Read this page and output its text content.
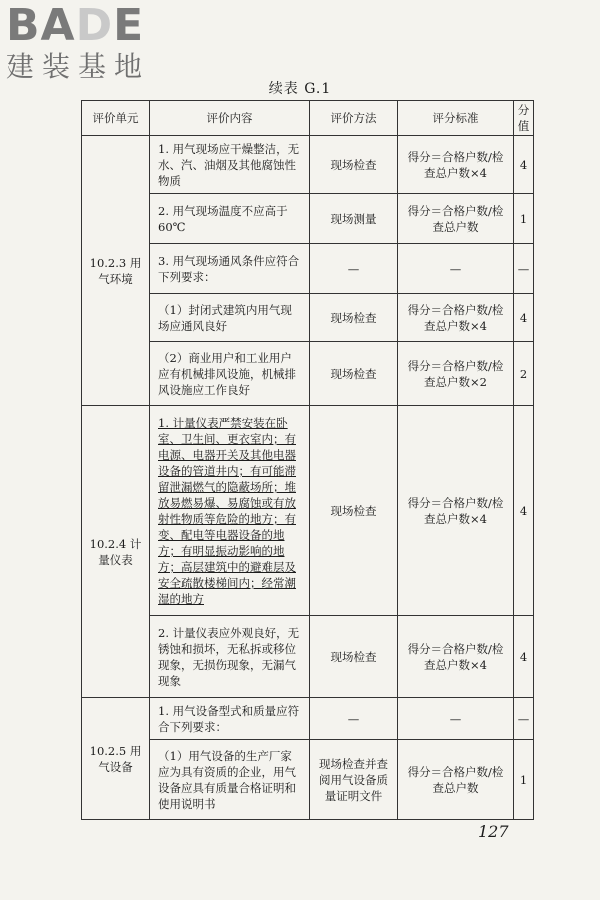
BADE
建装基地
续表 G.1
评价单元	评价内容	评价方法	评分标准	分值
10.2.3 用气环境	1. 用气现场应干燥整洁，无水、汽、油烟及其他腐蚀性物质	现场检查	得分＝合格户数/检查总户数×4	4
	2. 用气现场温度不应高于 60℃	现场测量	得分＝合格户数/检查总户数	1
	3. 用气现场通风条件应符合下列要求：	—	—	—
	（1）封闭式建筑内用气现场应通风良好	现场检查	得分＝合格户数/检查总户数×4	4
	（2）商业用户和工业用户应有机械排风设施，机械排风设施应工作良好	现场检查	得分＝合格户数/检查总户数×2	2
10.2.4 计量仪表	1. 计量仪表严禁安装在卧室、卫生间、更衣室内；有电源、电器开关及其他电器设备的管道井内；有可能滞留泄漏燃气的隐蔽场所；堆放易燃易爆、易腐蚀或有放射性物质等危险的地方；有变、配电等电器设备的地方；有明显振动影响的地方；高层建筑中的避难层及安全疏散楼梯间内；经常潮湿的地方	现场检查	得分＝合格户数/检查总户数×4	4
	2. 计量仪表应外观良好，无锈蚀和损坏，无私拆或移位现象，无损伤现象，无漏气现象	现场检查	得分＝合格户数/检查总户数×4	4
10.2.5 用气设备	1. 用气设备型式和质量应符合下列要求：	—	—	—
	（1）用气设备的生产厂家应为具有资质的企业，用气设备应具有质量合格证明和使用说明书	现场检查并查阅用气设备质量证明文件	得分＝合格户数/检查总户数	1
127
